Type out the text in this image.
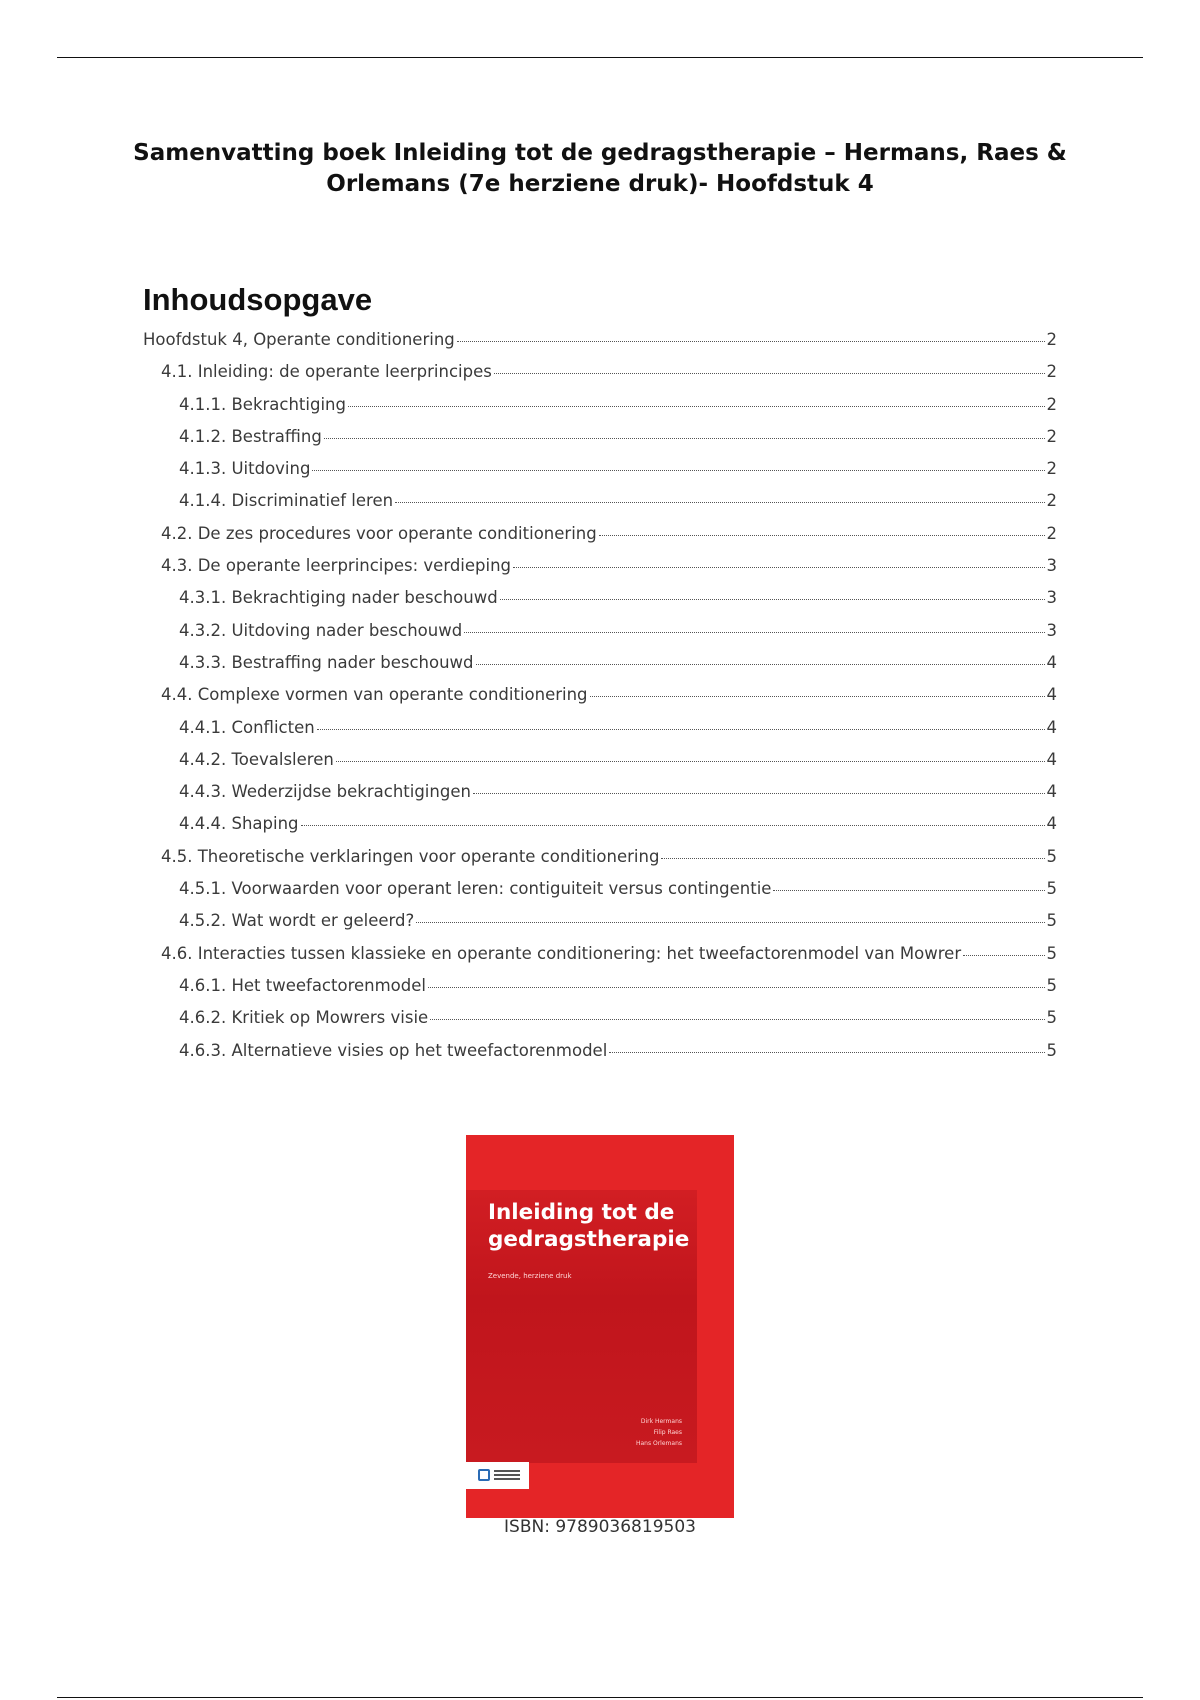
Samenvatting boek Inleiding tot de gedragstherapie – Hermans, Raes & Orlemans (7e herziene druk)- Hoofdstuk 4
Inhoudsopgave
Hoofdstuk 4, Operante conditionering	2
4.1. Inleiding: de operante leerprincipes	2
4.1.1. Bekrachtiging	2
4.1.2. Bestraffing	2
4.1.3. Uitdoving	2
4.1.4. Discriminatief leren	2
4.2. De zes procedures voor operante conditionering	2
4.3. De operante leerprincipes: verdieping	3
4.3.1. Bekrachtiging nader beschouwd	3
4.3.2. Uitdoving nader beschouwd	3
4.3.3. Bestraffing nader beschouwd	4
4.4. Complexe vormen van operante conditionering	4
4.4.1. Conflicten	4
4.4.2. Toevalsleren	4
4.4.3. Wederzijdse bekrachtigingen	4
4.4.4. Shaping	4
4.5. Theoretische verklaringen voor operante conditionering	5
4.5.1. Voorwaarden voor operant leren: contiguiteit versus contingentie	5
4.5.2. Wat wordt er geleerd?	5
4.6. Interacties tussen klassieke en operante conditionering: het tweefactorenmodel van Mowrer	5
4.6.1. Het tweefactorenmodel	5
4.6.2. Kritiek op Mowrers visie	5
4.6.3. Alternatieve visies op het tweefactorenmodel	5

Inleiding tot de gedragstherapie

Zevende, herziene druk

Dirk Hermans
Filip Raes
Hans Orlemans

ISBN: 9789036819503
